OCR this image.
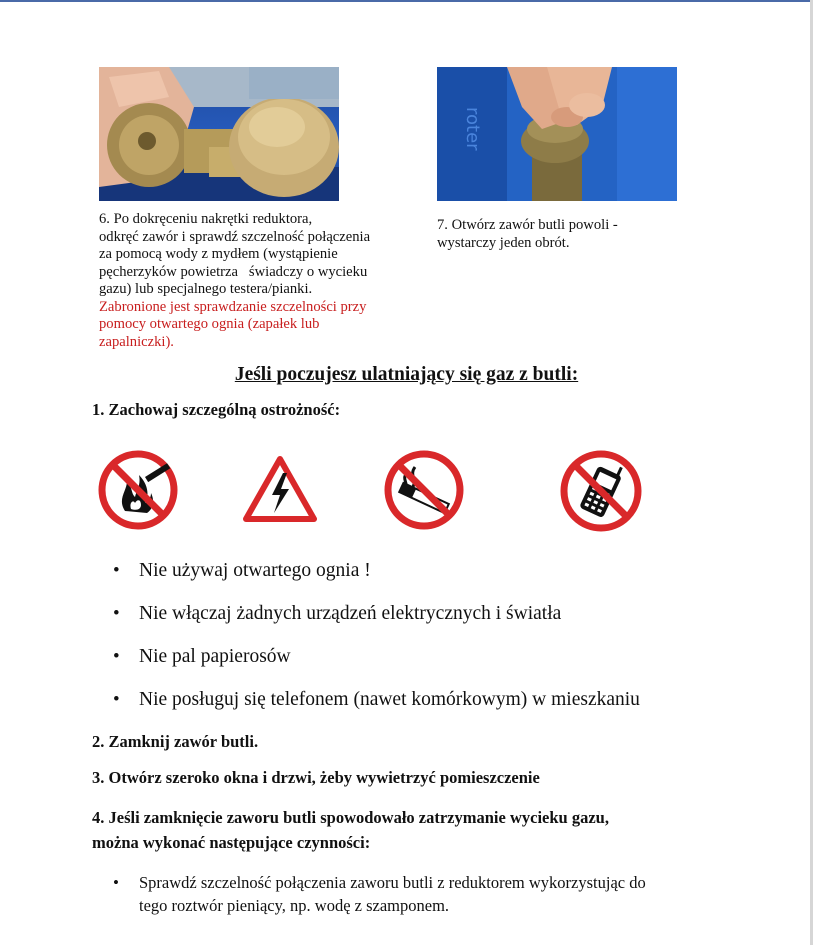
roter
6. Po dokręceniu nakrętki reduktora,
odkręć zawór i sprawdź szczelność połączenia
za pomocą wody z mydłem (wystąpienie
pęcherzyków powietrza   świadczy o wycieku
gazu) lub specjalnego testera/pianki.
Zabronione jest sprawdzanie szczelności przy
pomocy otwartego ognia (zapałek lub
zapalniczki).
7. Otwórz zawór butli powoli -
wystarczy jeden obrót.
Jeśli poczujesz ulatniający się gaz z butli:
1. Zachowaj szczególną ostrożność:
• Nie używaj otwartego ognia !
• Nie włączaj żadnych urządzeń elektrycznych i światła
• Nie pal papierosów
• Nie posługuj się telefonem (nawet komórkowym) w mieszkaniu
2. Zamknij zawór butli.
3. Otwórz szeroko okna i drzwi, żeby wywietrzyć pomieszczenie
4. Jeśli zamknięcie zaworu butli spowodowało zatrzymanie wycieku gazu,
można wykonać następujące czynności:
• Sprawdź szczelność połączenia zaworu butli z reduktorem wykorzystując do
tego roztwór pieniący, np. wodę z szamponem.
